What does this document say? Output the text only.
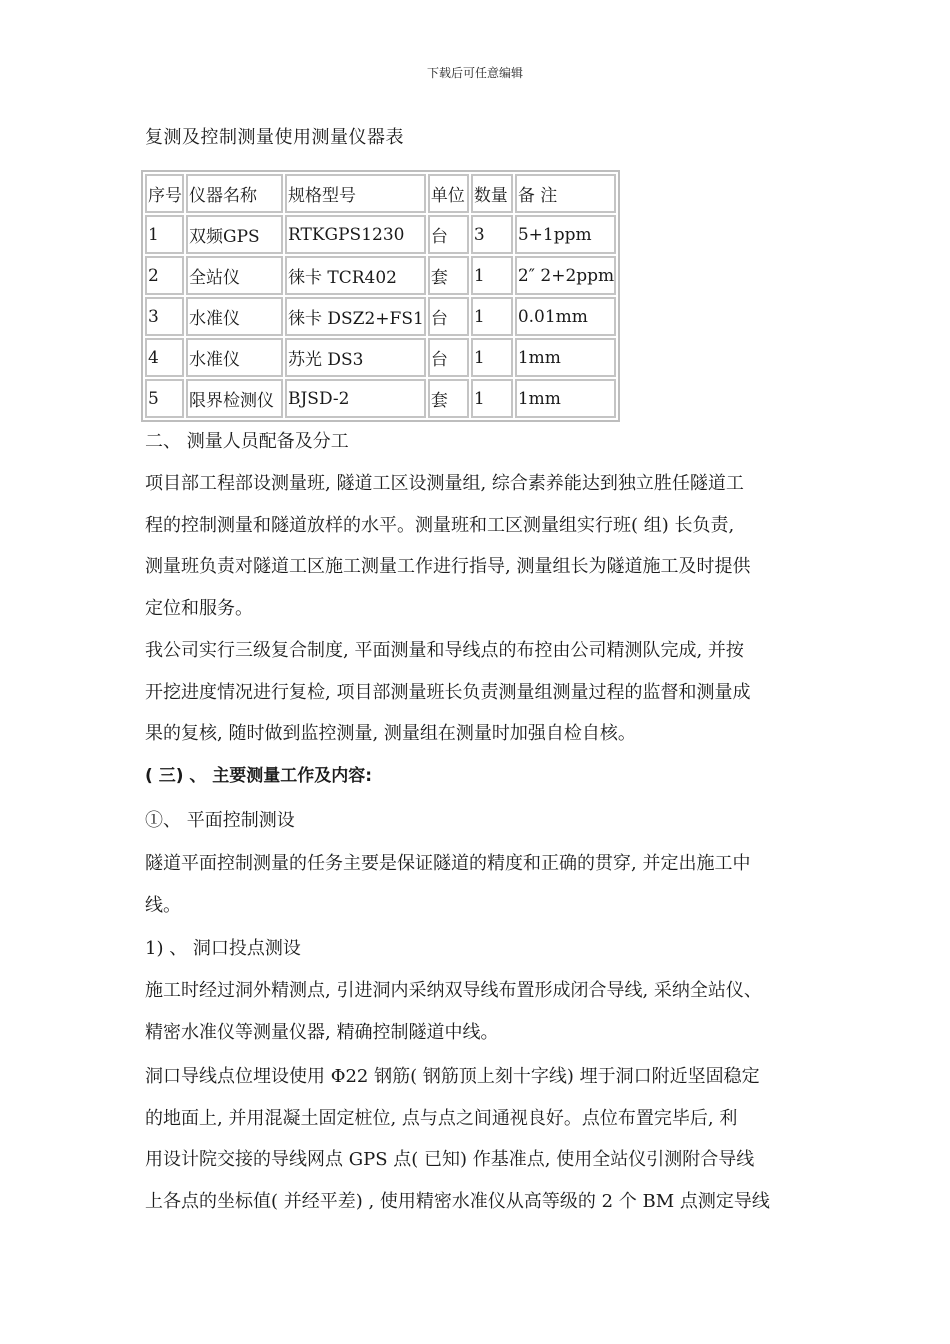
下载后可任意编辑
复测及控制测量使用测量仪器表
序号	仪器名称	规格型号	单位	数量	备 注
1	双频GPS	RTKGPS1230	台	3	5+1ppm
2	全站仪	徕卡 TCR402	套	1	2″ 2+2ppm
3	水准仪	徕卡 DSZ2+FS1	台	1	0.01mm
4	水准仪	苏光 DS3	台	1	1mm
5	限界检测仪	BJSD-2	套	1	1mm
二、 测量人员配备及分工
项目部工程部设测量班, 隧道工区设测量组, 综合素养能达到独立胜任隧道工
程的控制测量和隧道放样的水平。测量班和工区测量组实行班( 组) 长负责,
测量班负责对隧道工区施工测量工作进行指导, 测量组长为隧道施工及时提供
定位和服务。
我公司实行三级复合制度, 平面测量和导线点的布控由公司精测队完成, 并按
开挖进度情况进行复检, 项目部测量班长负责测量组测量过程的监督和测量成
果的复核, 随时做到监控测量, 测量组在测量时加强自检自核。
( 三) 、 主要测量工作及内容:
①、 平面控制测设
隧道平面控制测量的任务主要是保证隧道的精度和正确的贯穿, 并定出施工中
线。
1) 、 洞口投点测设
施工时经过洞外精测点, 引进洞内采纳双导线布置形成闭合导线, 采纳全站仪、
精密水准仪等测量仪器, 精确控制隧道中线。
洞口导线点位埋设使用 Φ22 钢筋( 钢筋顶上刻十字线) 埋于洞口附近坚固稳定
的地面上, 并用混凝土固定桩位, 点与点之间通视良好。点位布置完毕后, 利
用设计院交接的导线网点 GPS 点( 已知) 作基准点, 使用全站仪引测附合导线
上各点的坐标值( 并经平差) , 使用精密水准仪从高等级的 2 个 BM 点测定导线
